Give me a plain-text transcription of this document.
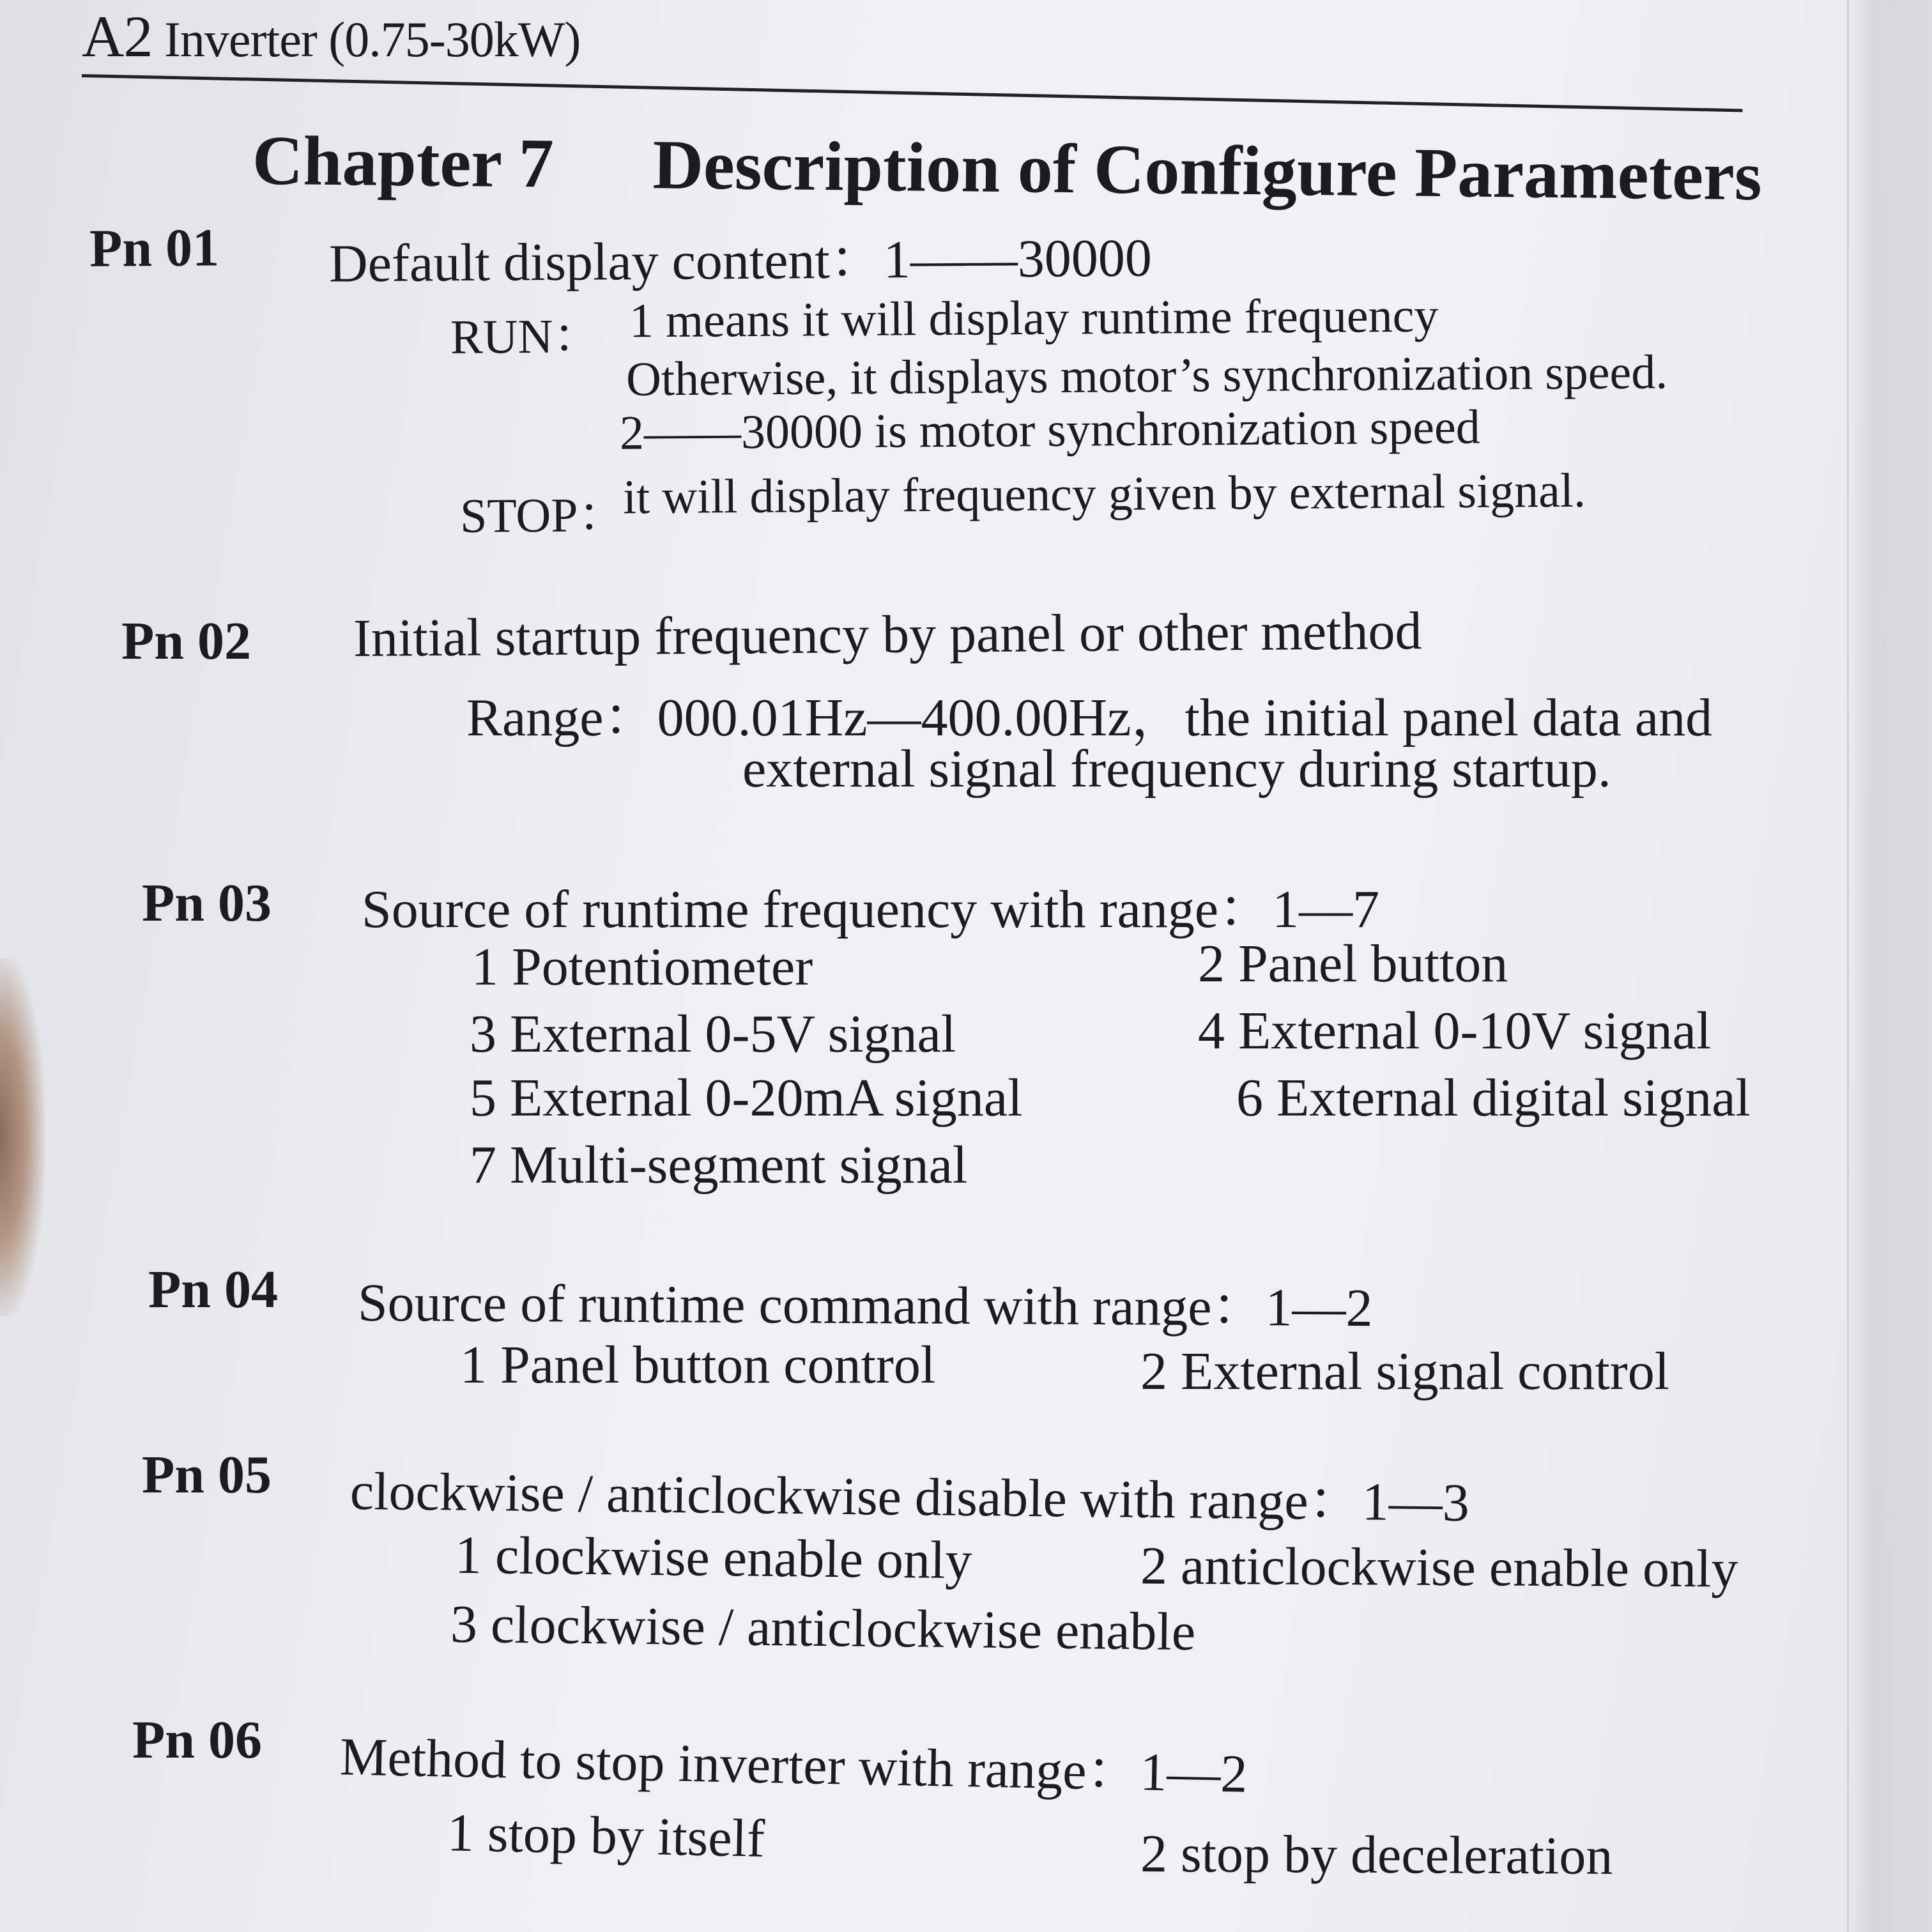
A2 Inverter (0.75-30kW)
Chapter 7 Description of Configure Parameters
Pn 01 Default display content：1——30000
RUN： 1 means it will display runtime frequency
Otherwise, it displays motor’s synchronization speed.
2——30000 is motor synchronization speed
STOP：
it will display frequency given by external signal.
Pn 02 Initial startup frequency by panel or other method
Range：000.01Hz—400.00Hz，the initial panel data and
external signal frequency during startup.
Pn 03 Source of runtime frequency with range：1—7
1 Potentiometer	2 Panel button
3 External 0-5V signal	4 External 0-10V signal
5 External 0-20mA signal	6 External digital signal
7 Multi-segment signal
Pn 04 Source of runtime command with range：1—2
1 Panel button control	2 External signal control
Pn 05 clockwise / anticlockwise disable with range：1—3
1 clockwise enable only	2 anticlockwise enable only
3 clockwise / anticlockwise enable
Pn 06 Method to stop inverter with range：1—2
1 stop by itself	2 stop by deceleration
